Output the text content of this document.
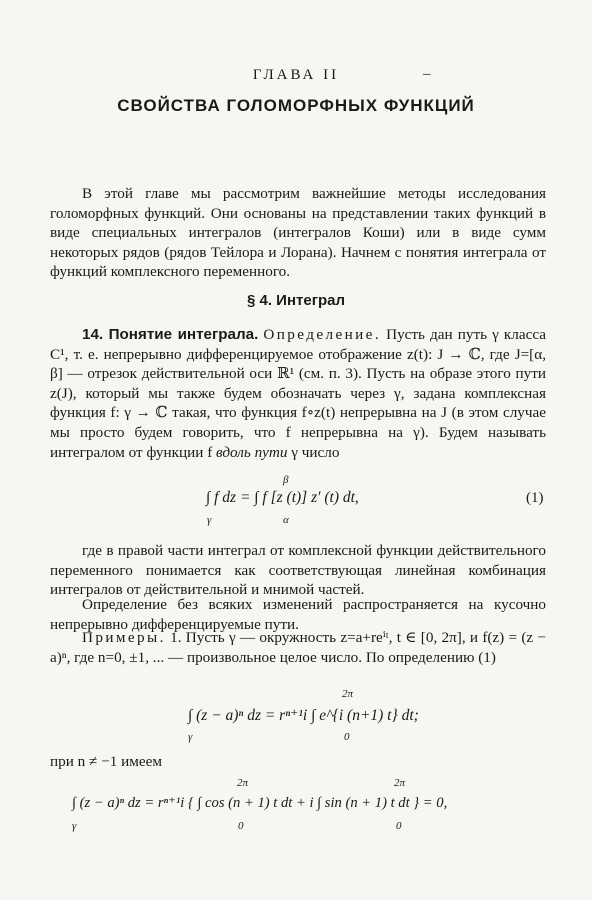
ГЛАВА II	–
СВОЙСТВА ГОЛОМОРФНЫХ ФУНКЦИЙ
В этой главе мы рассмотрим важнейшие методы исследования голоморфных функций. Они основаны на представлении таких функций в виде специальных интегралов (интегралов Коши) или в виде сумм некоторых рядов (рядов Тейлора и Лорана). Начнем с понятия интеграла от функций комплексного переменного.
§ 4. Интеграл
14. Понятие интеграла. Определение. Пусть дан путь γ класса C¹, т. е. непрерывно дифференцируемое отображение z(t): J → ℂ, где J=[α, β] — отрезок действительной оси ℝ¹ (см. п. 3). Пусть на образе этого пути z(J), который мы также будем обозначать через γ, задана комплексная функция f: γ → ℂ такая, что функция f∘z(t) непрерывна на J (в этом случае мы просто будем говорить, что f непрерывна на γ). Будем называть интегралом от функции f вдоль пути γ число
∫ f dz = ∫ f [z (t)] z′ (t) dt,
γ
β
α
(1)
где в правой части интеграл от комплексной функции действительного переменного понимается как соответствующая линейная комбинация интегралов от действительной и мнимой частей.
Определение без всяких изменений распространяется на кусочно непрерывно дифференцируемые пути.
Примеры. 1. Пусть γ — окружность z=a+reⁱᵗ, t ∈ [0, 2π], и f(z) = (z − a)ⁿ, где n=0, ±1, ... — произвольное целое число. По определению (1)
∫ (z − a)ⁿ dz = rⁿ⁺¹i ∫ e^{i (n+1) t} dt;
γ
2π
0
при n ≠ −1 имеем
∫ (z − a)ⁿ dz = rⁿ⁺¹i { ∫ cos (n + 1) t dt + i ∫ sin (n + 1) t dt } = 0,
γ
2π
0
2π
0
